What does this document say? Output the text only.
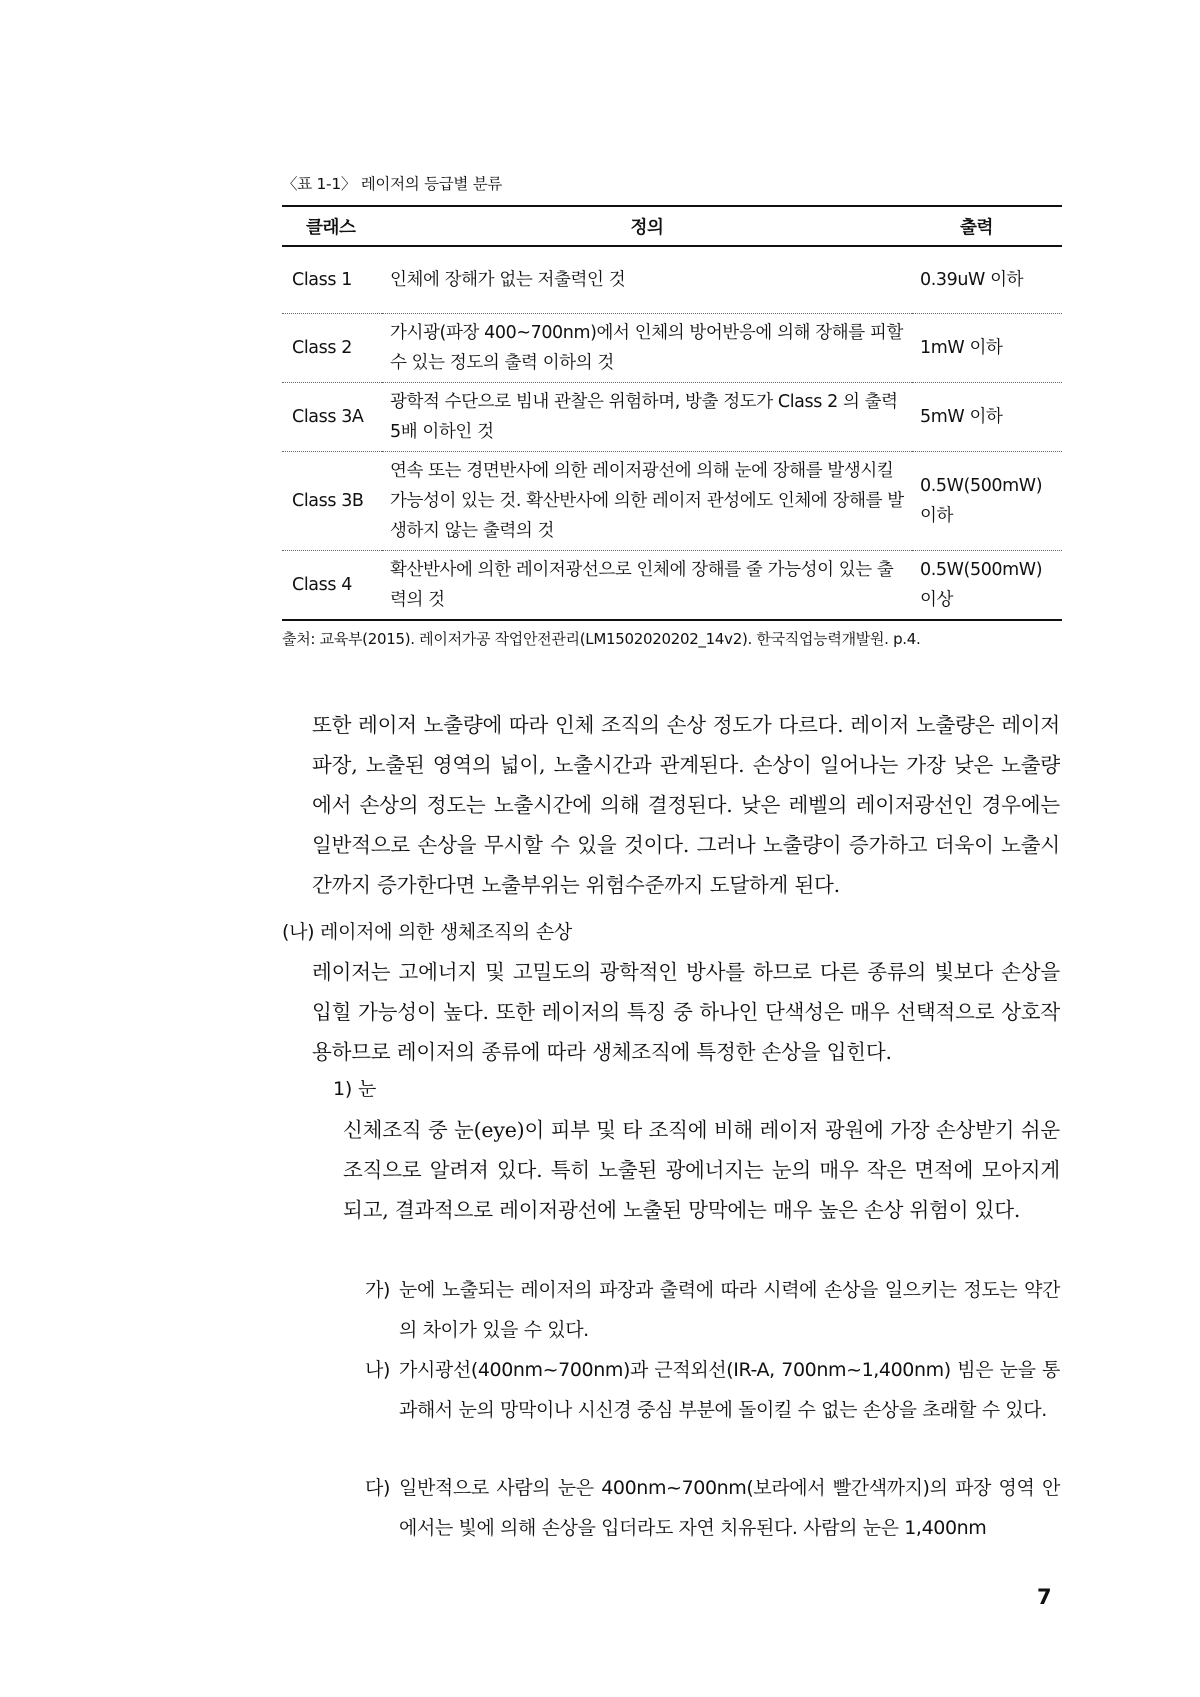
〈표 1-1〉 레이저의 등급별 분류
클래스	정의	출력
Class 1	인체에 장해가 없는 저출력인 것	0.39uW 이하
Class 2	가시광(파장 400~700nm)에서 인체의 방어반응에 의해 장해를 피할 수 있는 정도의 출력 이하의 것	1mW 이하
Class 3A	광학적 수단으로 빔내 관찰은 위험하며, 방출 정도가 Class 2 의 출력 5배 이하인 것	5mW 이하
Class 3B	연속 또는 경면반사에 의한 레이저광선에 의해 눈에 장해를 발생시킬 가능성이 있는 것. 확산반사에 의한 레이저 관성에도 인체에 장해를 발생하지 않는 출력의 것	0.5W(500mW) 이하
Class 4	확산반사에 의한 레이저광선으로 인체에 장해를 줄 가능성이 있는 출력의 것	0.5W(500mW) 이상
출처: 교육부(2015). 레이저가공 작업안전관리(LM1502020202_14v2). 한국직업능력개발원. p.4.

또한 레이저 노출량에 따라 인체 조직의 손상 정도가 다르다. 레이저 노출량은 레이저 파장, 노출된 영역의 넓이, 노출시간과 관계된다. 손상이 일어나는 가장 낮은 노출량에서 손상의 정도는 노출시간에 의해 결정된다. 낮은 레벨의 레이저광선인 경우에는 일반적으로 손상을 무시할 수 있을 것이다. 그러나 노출량이 증가하고 더욱이 노출시간까지 증가한다면 노출부위는 위험수준까지 도달하게 된다.

(나) 레이저에 의한 생체조직의 손상

레이저는 고에너지 및 고밀도의 광학적인 방사를 하므로 다른 종류의 빛보다 손상을 입힐 가능성이 높다. 또한 레이저의 특징 중 하나인 단색성은 매우 선택적으로 상호작용하므로 레이저의 종류에 따라 생체조직에 특정한 손상을 입힌다.

1) 눈

신체조직 중 눈(eye)이 피부 및 타 조직에 비해 레이저 광원에 가장 손상받기 쉬운 조직으로 알려져 있다. 특히 노출된 광에너지는 눈의 매우 작은 면적에 모아지게 되고, 결과적으로 레이저광선에 노출된 망막에는 매우 높은 손상 위험이 있다.

가) 눈에 노출되는 레이저의 파장과 출력에 따라 시력에 손상을 일으키는 정도는 약간의 차이가 있을 수 있다.
나) 가시광선(400nm~700nm)과 근적외선(IR-A, 700nm~1,400nm) 빔은 눈을 통과해서 눈의 망막이나 시신경 중심 부분에 돌이킬 수 없는 손상을 초래할 수 있다.
다) 일반적으로 사람의 눈은 400nm~700nm(보라에서 빨간색까지)의 파장 영역 안에서는 빛에 의해 손상을 입더라도 자연 치유된다. 사람의 눈은 1,400nm
7
